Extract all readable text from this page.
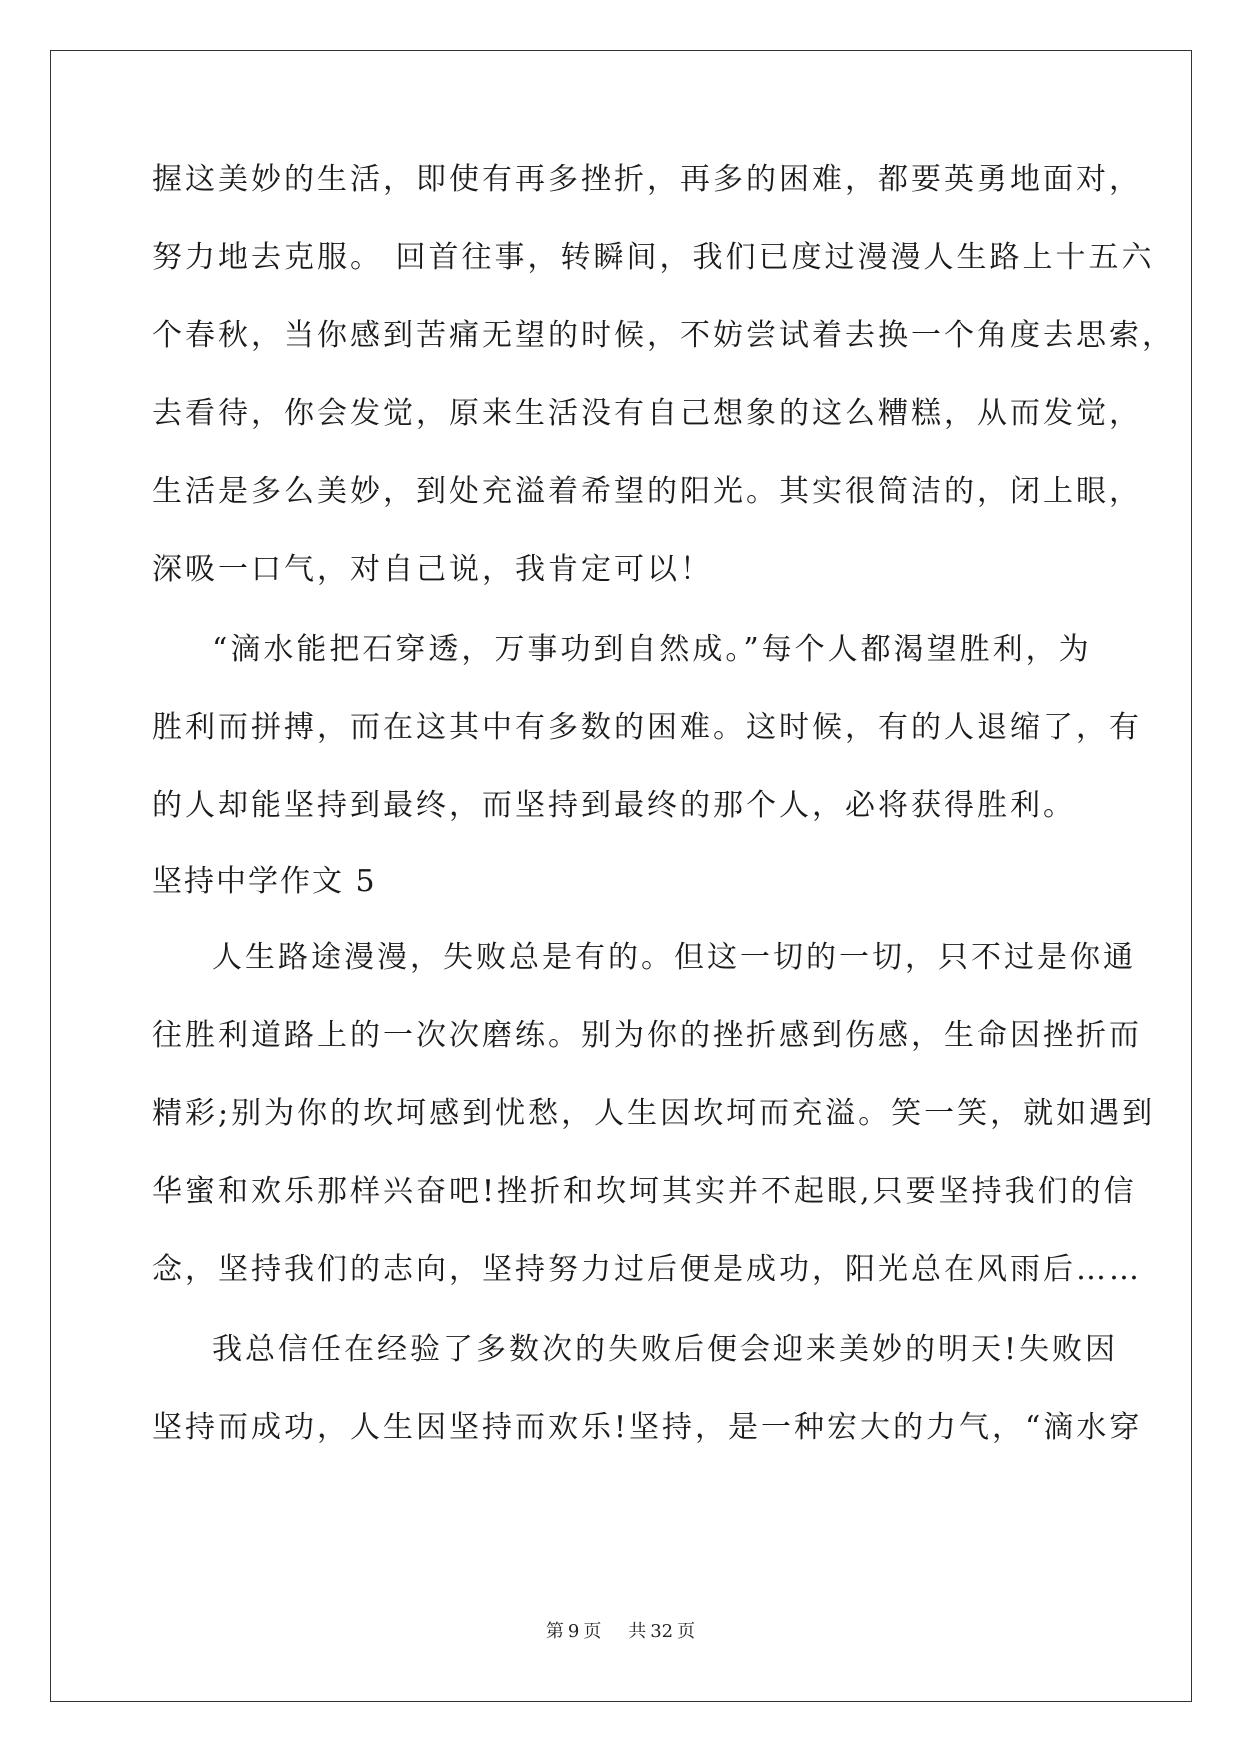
握这美妙的生活，即使有再多挫折，再多的困难，都要英勇地面对，
努力地去克服。 回首往事，转瞬间，我们已度过漫漫人生路上十五六
个春秋，当你感到苦痛无望的时候，不妨尝试着去换一个角度去思索，
去看待，你会发觉，原来生活没有自己想象的这么糟糕，从而发觉，
生活是多么美妙，到处充溢着希望的阳光。其实很简洁的，闭上眼，
深吸一口气，对自己说，我肯定可以！
“滴水能把石穿透，万事功到自然成。”每个人都渴望胜利，为
胜利而拼搏，而在这其中有多数的困难。这时候，有的人退缩了，有
的人却能坚持到最终，而坚持到最终的那个人，必将获得胜利。
坚持中学作文 5
人生路途漫漫，失败总是有的。但这一切的一切，只不过是你通
往胜利道路上的一次次磨练。别为你的挫折感到伤感，生命因挫折而
精彩;别为你的坎坷感到忧愁，人生因坎坷而充溢。笑一笑，就如遇到
华蜜和欢乐那样兴奋吧!挫折和坎坷其实并不起眼,只要坚持我们的信
念，坚持我们的志向，坚持努力过后便是成功，阳光总在风雨后……
我总信任在经验了多数次的失败后便会迎来美妙的明天!失败因
坚持而成功，人生因坚持而欢乐!坚持，是一种宏大的力气，“滴水穿
第 9 页 共 32 页
